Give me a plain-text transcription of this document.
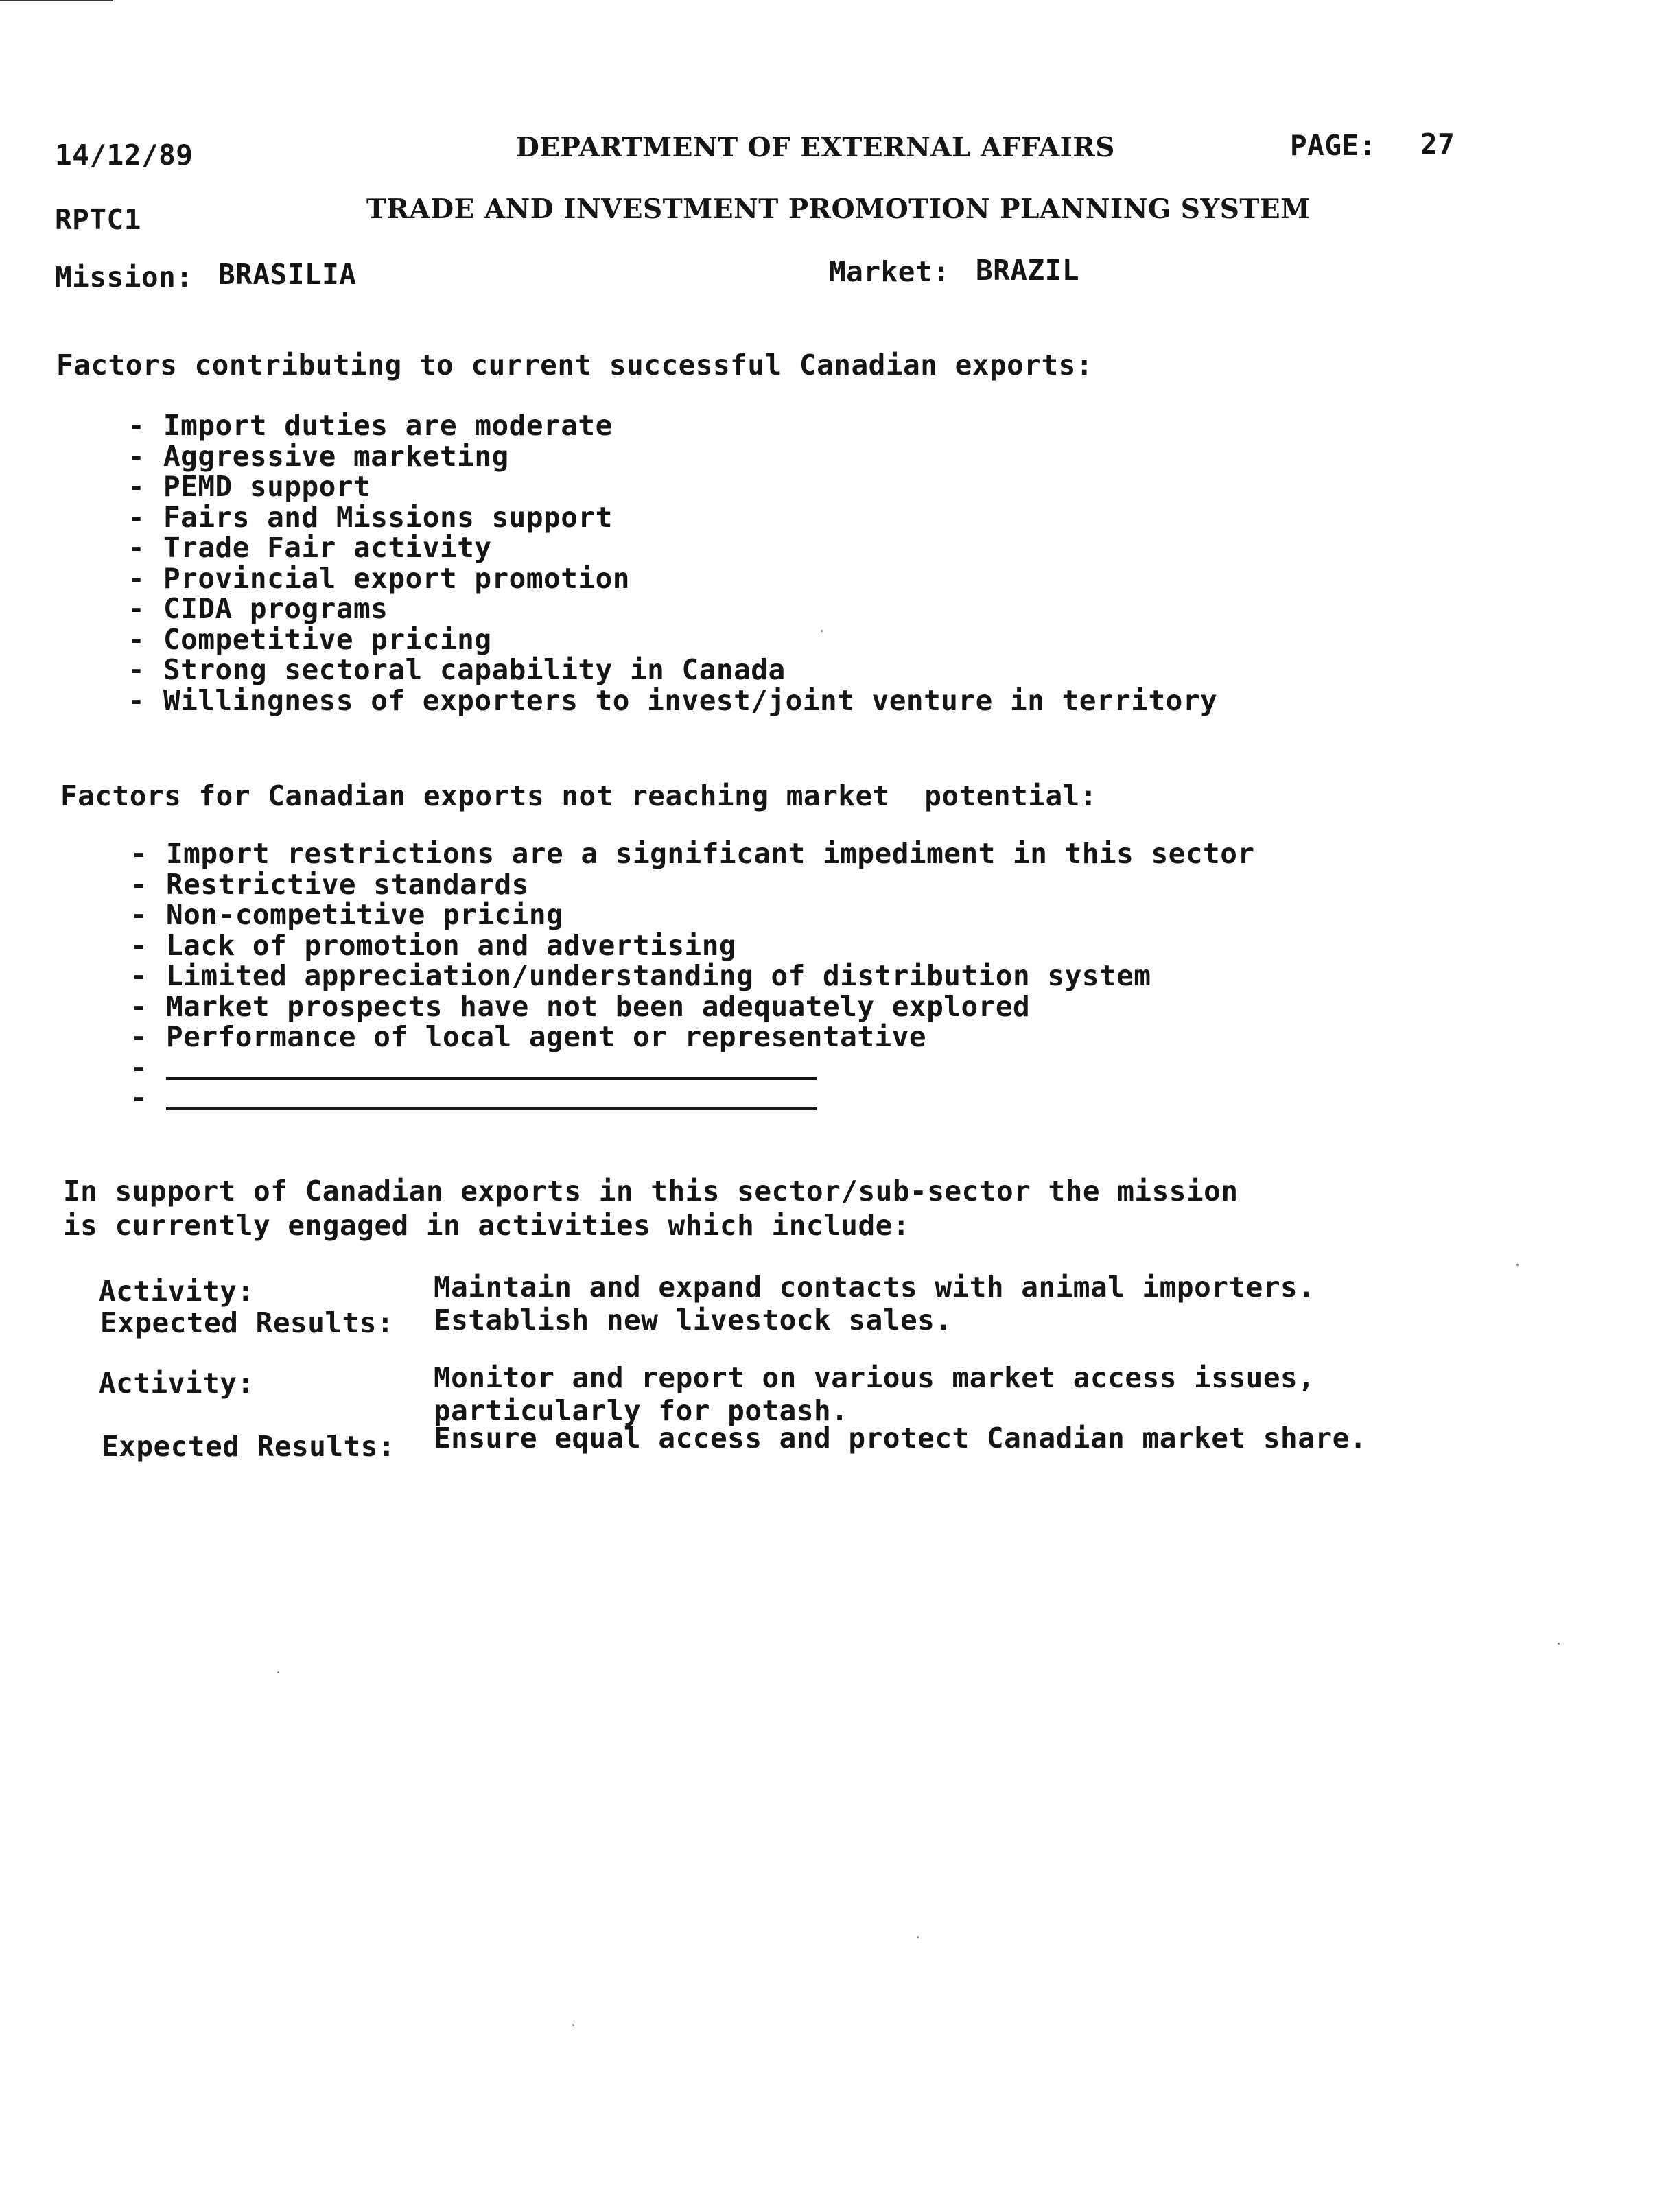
14/12/89	DEPARTMENT OF EXTERNAL AFFAIRS	PAGE: 27
RPTC1	TRADE AND INVESTMENT PROMOTION PLANNING SYSTEM
Mission: BRASILIA	Market: BRAZIL
Factors contributing to current successful Canadian exports:
- Import duties are moderate
- Aggressive marketing
- PEMD support
- Fairs and Missions support
- Trade Fair activity
- Provincial export promotion
- CIDA programs
- Competitive pricing
- Strong sectoral capability in Canada
- Willingness of exporters to invest/joint venture in territory
Factors for Canadian exports not reaching market  potential:
- Import restrictions are a significant impediment in this sector
- Restrictive standards
- Non-competitive pricing
- Lack of promotion and advertising
- Limited appreciation/understanding of distribution system
- Market prospects have not been adequately explored
- Performance of local agent or representative
-
-
In support of Canadian exports in this sector/sub-sector the mission
is currently engaged in activities which include:
Activity:	Maintain and expand contacts with animal importers.
Expected Results: Establish new livestock sales.
Activity:	Monitor and report on various market access issues,
particularly for potash.
Expected Results: Ensure equal access and protect Canadian market share.
